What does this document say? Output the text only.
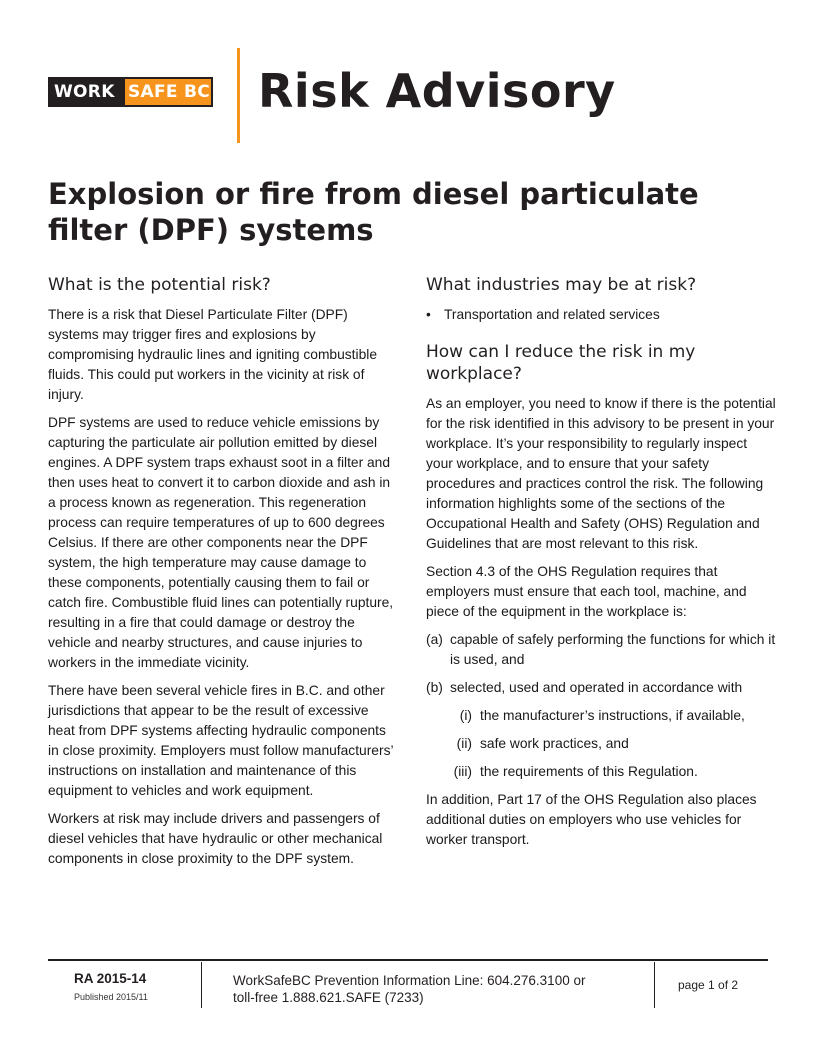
WORK SAFE BC Risk Advisory
Explosion or fire from diesel particulate filter (DPF) systems
What is the potential risk?

There is a risk that Diesel Particulate Filter (DPF) systems may trigger fires and explosions by compromising hydraulic lines and igniting combustible fluids. This could put workers in the vicinity at risk of injury.

DPF systems are used to reduce vehicle emissions by capturing the particulate air pollution emitted by diesel engines. A DPF system traps exhaust soot in a filter and then uses heat to convert it to carbon dioxide and ash in a process known as regeneration. This regeneration process can require temperatures of up to 600 degrees Celsius. If there are other components near the DPF system, the high temperature may cause damage to these components, potentially causing them to fail or catch fire. Combustible fluid lines can potentially rupture, resulting in a fire that could damage or destroy the vehicle and nearby structures, and cause injuries to workers in the immediate vicinity.

There have been several vehicle fires in B.C. and other jurisdictions that appear to be the result of excessive heat from DPF systems affecting hydraulic components in close proximity. Employers must follow manufacturers’ instructions on installation and maintenance of this equipment to vehicles and work equipment.

Workers at risk may include drivers and passengers of diesel vehicles that have hydraulic or other mechanical components in close proximity to the DPF system.

What industries may be at risk?
• Transportation and related services
How can I reduce the risk in my workplace?

As an employer, you need to know if there is the potential for the risk identified in this advisory to be present in your workplace. It’s your responsibility to regularly inspect your workplace, and to ensure that your safety procedures and practices control the risk. The following information highlights some of the sections of the Occupational Health and Safety (OHS) Regulation and Guidelines that are most relevant to this risk.

Section 4.3 of the OHS Regulation requires that employers must ensure that each tool, machine, and piece of the equipment in the workplace is:

(a) capable of safely performing the functions for which it is used, and
(b) selected, used and operated in accordance with
(i) the manufacturer’s instructions, if available,
(ii) safe work practices, and
(iii) the requirements of this Regulation.

In addition, Part 17 of the OHS Regulation also places additional duties on employers who use vehicles for worker transport.

RA 2015-14
Published 2015/11
WorkSafeBC Prevention Information Line: 604.276.3100 or
toll-free 1.888.621.SAFE (7233)
page 1 of 2
